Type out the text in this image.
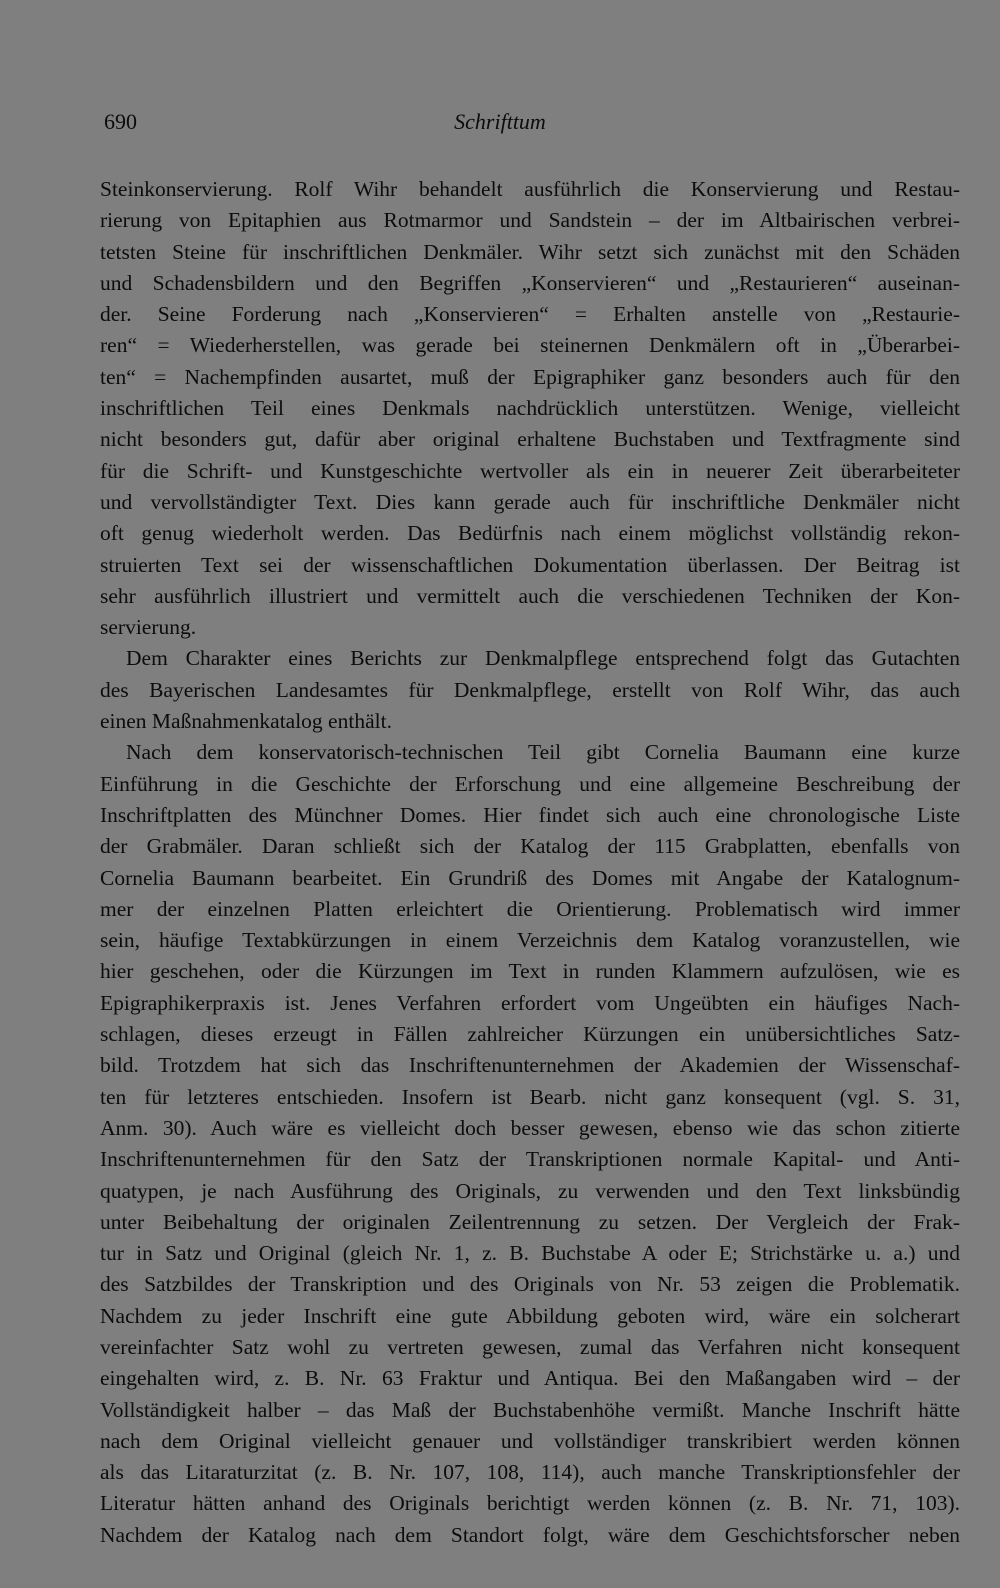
690	Schrifttum
Steinkonservierung. Rolf Wihr behandelt ausführlich die Konservierung und Restau-
rierung von Epitaphien aus Rotmarmor und Sandstein – der im Altbairischen verbrei-
tetsten Steine für inschriftlichen Denkmäler. Wihr setzt sich zunächst mit den Schäden
und Schadensbildern und den Begriffen „Konservieren“ und „Restaurieren“ auseinan-
der. Seine Forderung nach „Konservieren“ = Erhalten anstelle von „Restaurie-
ren“ = Wiederherstellen, was gerade bei steinernen Denkmälern oft in „Überarbei-
ten“ = Nachempfinden ausartet, muß der Epigraphiker ganz besonders auch für den
inschriftlichen Teil eines Denkmals nachdrücklich unterstützen. Wenige, vielleicht
nicht besonders gut, dafür aber original erhaltene Buchstaben und Textfragmente sind
für die Schrift- und Kunstgeschichte wertvoller als ein in neuerer Zeit überarbeiteter
und vervollständigter Text. Dies kann gerade auch für inschriftliche Denkmäler nicht
oft genug wiederholt werden. Das Bedürfnis nach einem möglichst vollständig rekon-
struierten Text sei der wissenschaftlichen Dokumentation überlassen. Der Beitrag ist
sehr ausführlich illustriert und vermittelt auch die verschiedenen Techniken der Kon-
servierung.
Dem Charakter eines Berichts zur Denkmalpflege entsprechend folgt das Gutachten
des Bayerischen Landesamtes für Denkmalpflege, erstellt von Rolf Wihr, das auch
einen Maßnahmenkatalog enthält.
Nach dem konservatorisch-technischen Teil gibt Cornelia Baumann eine kurze
Einführung in die Geschichte der Erforschung und eine allgemeine Beschreibung der
Inschriftplatten des Münchner Domes. Hier findet sich auch eine chronologische Liste
der Grabmäler. Daran schließt sich der Katalog der 115 Grabplatten, ebenfalls von
Cornelia Baumann bearbeitet. Ein Grundriß des Domes mit Angabe der Katalognum-
mer der einzelnen Platten erleichtert die Orientierung. Problematisch wird immer
sein, häufige Textabkürzungen in einem Verzeichnis dem Katalog voranzustellen, wie
hier geschehen, oder die Kürzungen im Text in runden Klammern aufzulösen, wie es
Epigraphikerpraxis ist. Jenes Verfahren erfordert vom Ungeübten ein häufiges Nach-
schlagen, dieses erzeugt in Fällen zahlreicher Kürzungen ein unübersichtliches Satz-
bild. Trotzdem hat sich das Inschriftenunternehmen der Akademien der Wissenschaf-
ten für letzteres entschieden. Insofern ist Bearb. nicht ganz konsequent (vgl. S. 31,
Anm. 30). Auch wäre es vielleicht doch besser gewesen, ebenso wie das schon zitierte
Inschriftenunternehmen für den Satz der Transkriptionen normale Kapital- und Anti-
quatypen, je nach Ausführung des Originals, zu verwenden und den Text linksbündig
unter Beibehaltung der originalen Zeilentrennung zu setzen. Der Vergleich der Frak-
tur in Satz und Original (gleich Nr. 1, z. B. Buchstabe A oder E; Strichstärke u. a.) und
des Satzbildes der Transkription und des Originals von Nr. 53 zeigen die Problematik.
Nachdem zu jeder Inschrift eine gute Abbildung geboten wird, wäre ein solcherart
vereinfachter Satz wohl zu vertreten gewesen, zumal das Verfahren nicht konsequent
eingehalten wird, z. B. Nr. 63 Fraktur und Antiqua. Bei den Maßangaben wird – der
Vollständigkeit halber – das Maß der Buchstabenhöhe vermißt. Manche Inschrift hätte
nach dem Original vielleicht genauer und vollständiger transkribiert werden können
als das Litaraturzitat (z. B. Nr. 107, 108, 114), auch manche Transkriptionsfehler der
Literatur hätten anhand des Originals berichtigt werden können (z. B. Nr. 71, 103).
Nachdem der Katalog nach dem Standort folgt, wäre dem Geschichtsforscher neben
